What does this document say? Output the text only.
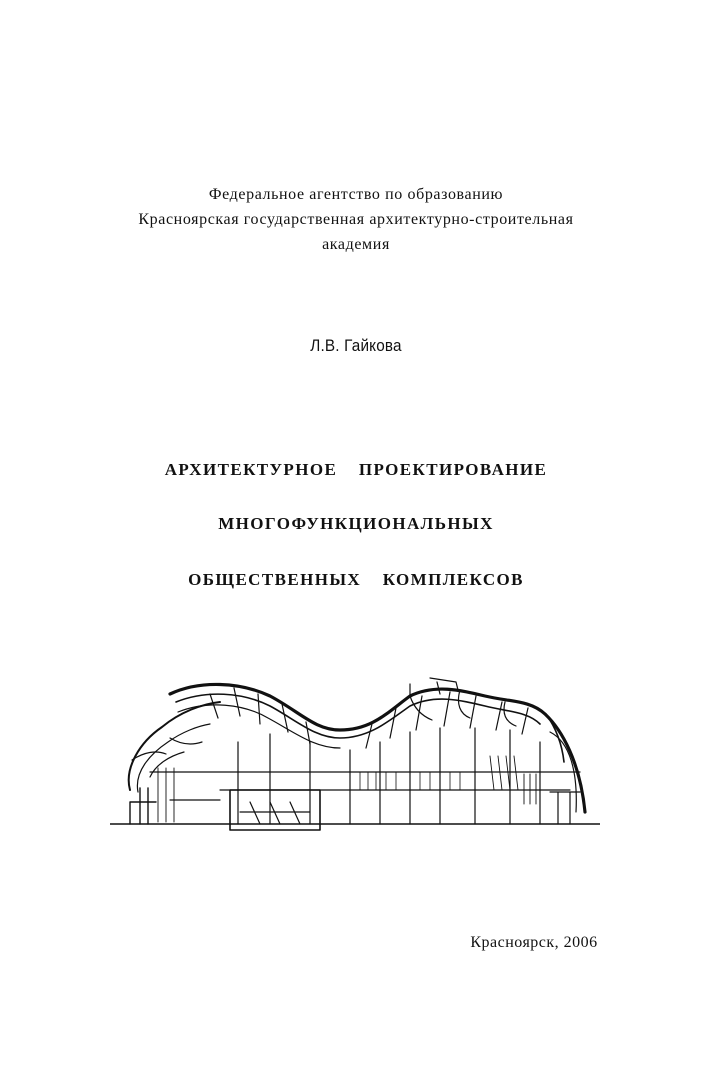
Федеральное агентство по образованию
Красноярская государственная архитектурно-строительная
академия
Л.В. Гайкова
АРХИТЕКТУРНОЕ ПРОЕКТИРОВАНИЕ
МНОГОФУНКЦИОНАЛЬНЫХ
ОБЩЕСТВЕННЫХ КОМПЛЕКСОВ
Красноярск, 2006
